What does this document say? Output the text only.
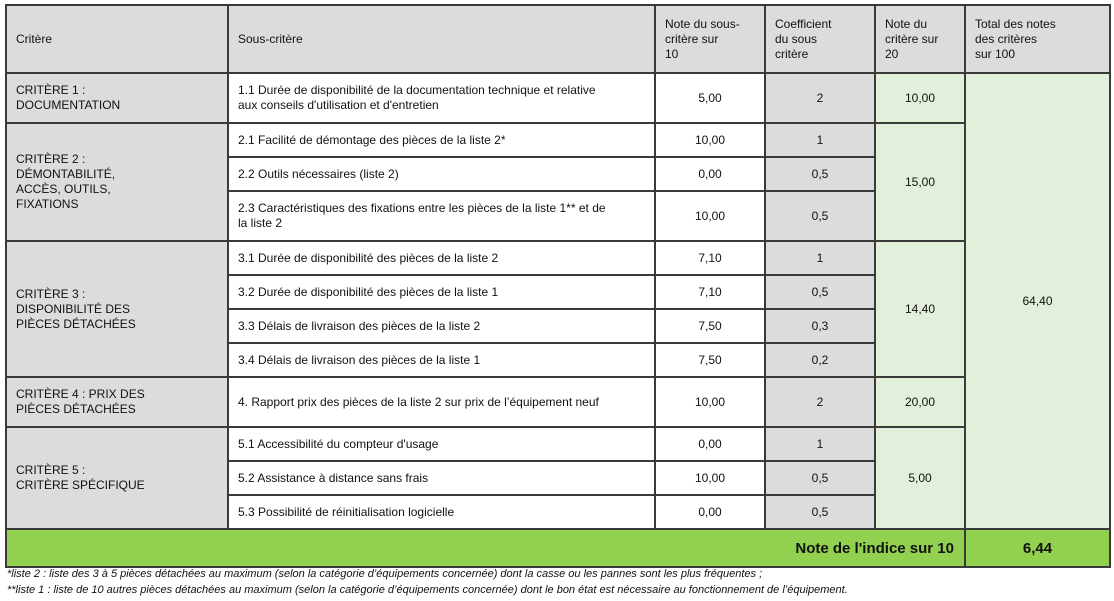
Critère	Sous-critère	Note du sous-
critère sur
10	Coefficient
du sous
critère	Note du
critère sur
20	Total des notes
des critères
sur 100

CRITÈRE 1 :
DOCUMENTATION	1.1 Durée de disponibilité de la documentation technique et relative
aux conseils d'utilisation et d'entretien	5,00	2	10,00	64,40

CRITÈRE 2 :
DÉMONTABILITÉ,
ACCÈS, OUTILS,
FIXATIONS	2.1 Facilité de démontage des pièces de la liste 2*	10,00	1	15,00	

	2.2 Outils nécessaires (liste 2)	0,00	0,5		

	2.3 Caractéristiques des fixations entre les pièces de la liste 1** et de
la liste 2	10,00	0,5		

CRITÈRE 3 :
DISPONIBILITÉ DES
PIÈCES DÉTACHÉES	3.1 Durée de disponibilité des pièces de la liste 2	7,10	1	14,40	

	3.2 Durée de disponibilité des pièces de la liste 1	7,10	0,5		

	3.3 Délais de livraison des pièces de la liste 2	7,50	0,3		

	3.4 Délais de livraison des pièces de la liste 1	7,50	0,2		

CRITÈRE 4 : PRIX DES
PIÈCES DÉTACHÉES	4. Rapport prix des pièces de la liste 2 sur prix de l’équipement neuf	10,00	2	20,00	

CRITÈRE 5 :
CRITÈRE SPÉCIFIQUE	5.1 Accessibilité du compteur d'usage	0,00	1	5,00	

	5.2 Assistance à distance sans frais	10,00	0,5		

	5.3 Possibilité de réinitialisation logicielle	0,00	0,5		
Note de l'indice sur 10					6,44
*liste 2 : liste des 3 à 5 pièces détachées au maximum (selon la catégorie d’équipements concernée) dont la casse ou les pannes sont les plus fréquentes ;
**liste 1 : liste de 10 autres pièces détachées au maximum (selon la catégorie d’équipements concernée) dont le bon état est nécessaire au fonctionnement de l’équipement.
